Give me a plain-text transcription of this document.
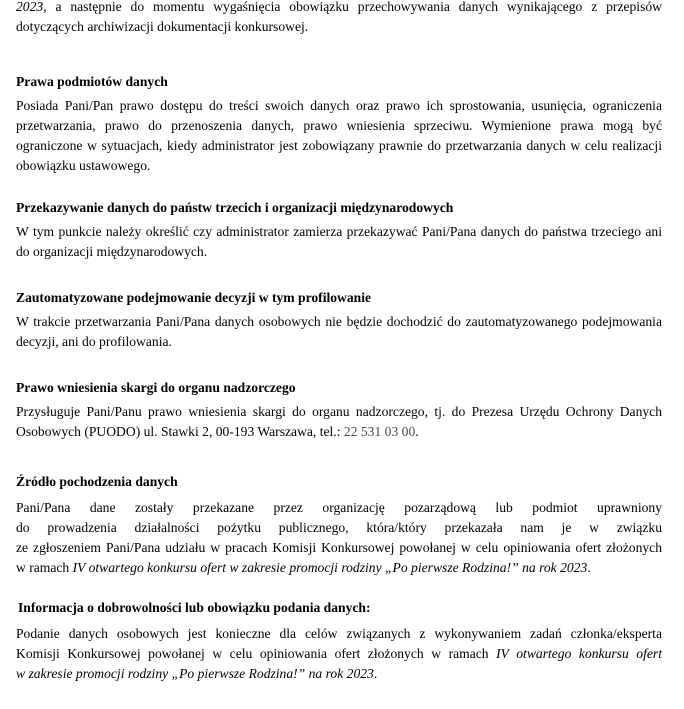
2023, a następnie do momentu wygaśnięcia obowiązku przechowywania danych wynikającego z przepisów
dotyczących archiwizacji dokumentacji konkursowej.

Prawa podmiotów danych

Posiada Pani/Pan prawo dostępu do treści swoich danych oraz prawo ich sprostowania, usunięcia, ograniczenia przetwarzania, prawo do przenoszenia danych, prawo wniesienia sprzeciwu. Wymienione prawa mogą być ograniczone w sytuacjach, kiedy administrator jest zobowiązany prawnie do przetwarzania danych w celu realizacji obowiązku ustawowego.

Przekazywanie danych do państw trzecich i organizacji międzynarodowych

W tym punkcie należy określić czy administrator zamierza przekazywać Pani/Pana danych do państwa trzeciego ani do organizacji międzynarodowych.

Zautomatyzowane podejmowanie decyzji w tym profilowanie

W trakcie przetwarzania Pani/Pana danych osobowych nie będzie dochodzić do zautomatyzowanego podejmowania decyzji, ani do profilowania.

Prawo wniesienia skargi do organu nadzorczego

Przysługuje Pani/Panu prawo wniesienia skargi do organu nadzorczego, tj. do Prezesa Urzędu Ochrony Danych
Osobowych (PUODO) ul. Stawki 2, 00-193 Warszawa, tel.: 22 531 03 00.

Źródło pochodzenia danych

Pani/Pana dane zostały przekazane przez organizację pozarządową lub podmiot uprawniony
do prowadzenia działalności pożytku publicznego, która/który przekazała nam je w związku
ze zgłoszeniem Pani/Pana udziału w pracach Komisji Konkursowej powołanej w celu opiniowania ofert złożonych
w ramach IV otwartego konkursu ofert w zakresie promocji rodziny „Po pierwsze Rodzina!” na rok 2023.

Informacja o dobrowolności lub obowiązku podania danych:

Podanie danych osobowych jest konieczne dla celów związanych z wykonywaniem zadań członka/eksperta
Komisji Konkursowej powołanej w celu opiniowania ofert złożonych w ramach IV otwartego konkursu ofert
w zakresie promocji rodziny „Po pierwsze Rodzina!” na rok 2023.
